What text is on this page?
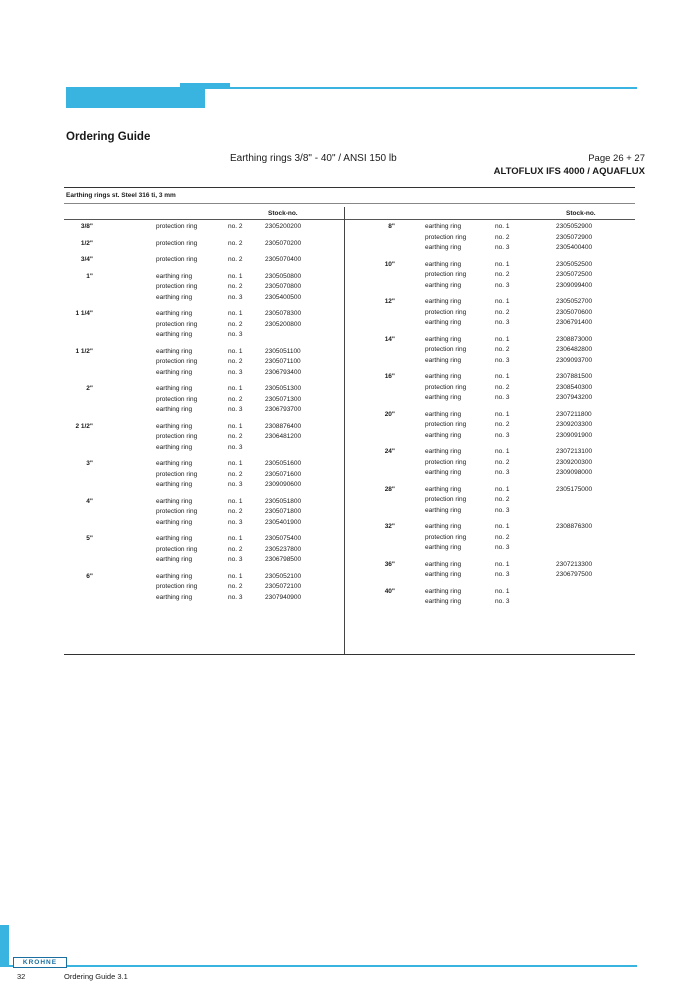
Ordering Guide
Earthing rings 3/8" - 40" / ANSI 150 lb	Page 26 + 27
ALTOFLUX IFS 4000 / AQUAFLUX
Earthing rings st. Steel 316 ti, 3 mm
Stock-no.	Stock-no.
3/8"	protection ring	no. 2	2305200200
1/2"	protection ring	no. 2	2305070200
3/4"	protection ring	no. 2	2305070400
1"	earthing ring	no. 1	2305050800
protection ring	no. 2	2305070800
earthing ring	no. 3	2305400500
1 1/4"	earthing ring	no. 1	2305078300
protection ring	no. 2	2305200800
earthing ring	no. 3
1 1/2"	earthing ring	no. 1	2305051100
protection ring	no. 2	2305071100
earthing ring	no. 3	2306793400
2"	earthing ring	no. 1	2305051300
protection ring	no. 2	2305071300
earthing ring	no. 3	2306793700
2 1/2"	earthing ring	no. 1	2308876400
protection ring	no. 2	2306481200
earthing ring	no. 3
3"	earthing ring	no. 1	2305051600
protection ring	no. 2	2305071600
earthing ring	no. 3	2309090600
4"	earthing ring	no. 1	2305051800
protection ring	no. 2	2305071800
earthing ring	no. 3	2305401900
5"	earthing ring	no. 1	2305075400
protection ring	no. 2	2305237800
earthing ring	no. 3	2306798500
6"	earthing ring	no. 1	2305052100
protection ring	no. 2	2305072100
earthing ring	no. 3	2307940900
8"	earthing ring	no. 1	2305052900
protection ring	no. 2	2305072900
earthing ring	no. 3	2305400400
10"	earthing ring	no. 1	2305052500
protection ring	no. 2	2305072500
earthing ring	no. 3	2309099400
12"	earthing ring	no. 1	2305052700
protection ring	no. 2	2305070600
earthing ring	no. 3	2306791400
14"	earthing ring	no. 1	2308873000
protection ring	no. 2	2306482800
earthing ring	no. 3	2309093700
16"	earthing ring	no. 1	2307881500
protection ring	no. 2	2308540300
earthing ring	no. 3	2307943200
20"	earthing ring	no. 1	2307211800
protection ring	no. 2	2309203300
earthing ring	no. 3	2309091900
24"	earthing ring	no. 1	2307213100
protection ring	no. 2	2309200300
earthing ring	no. 3	2309098000
28"	earthing ring	no. 1	2305175000
protection ring	no. 2
earthing ring	no. 3
32"	earthing ring	no. 1	2308876300
protection ring	no. 2
earthing ring	no. 3
36"	earthing ring	no. 1	2307213300
earthing ring	no. 3	2306797500
40"	earthing ring	no. 1
earthing ring	no. 3
KROHNE
32	Ordering Guide 3.1
